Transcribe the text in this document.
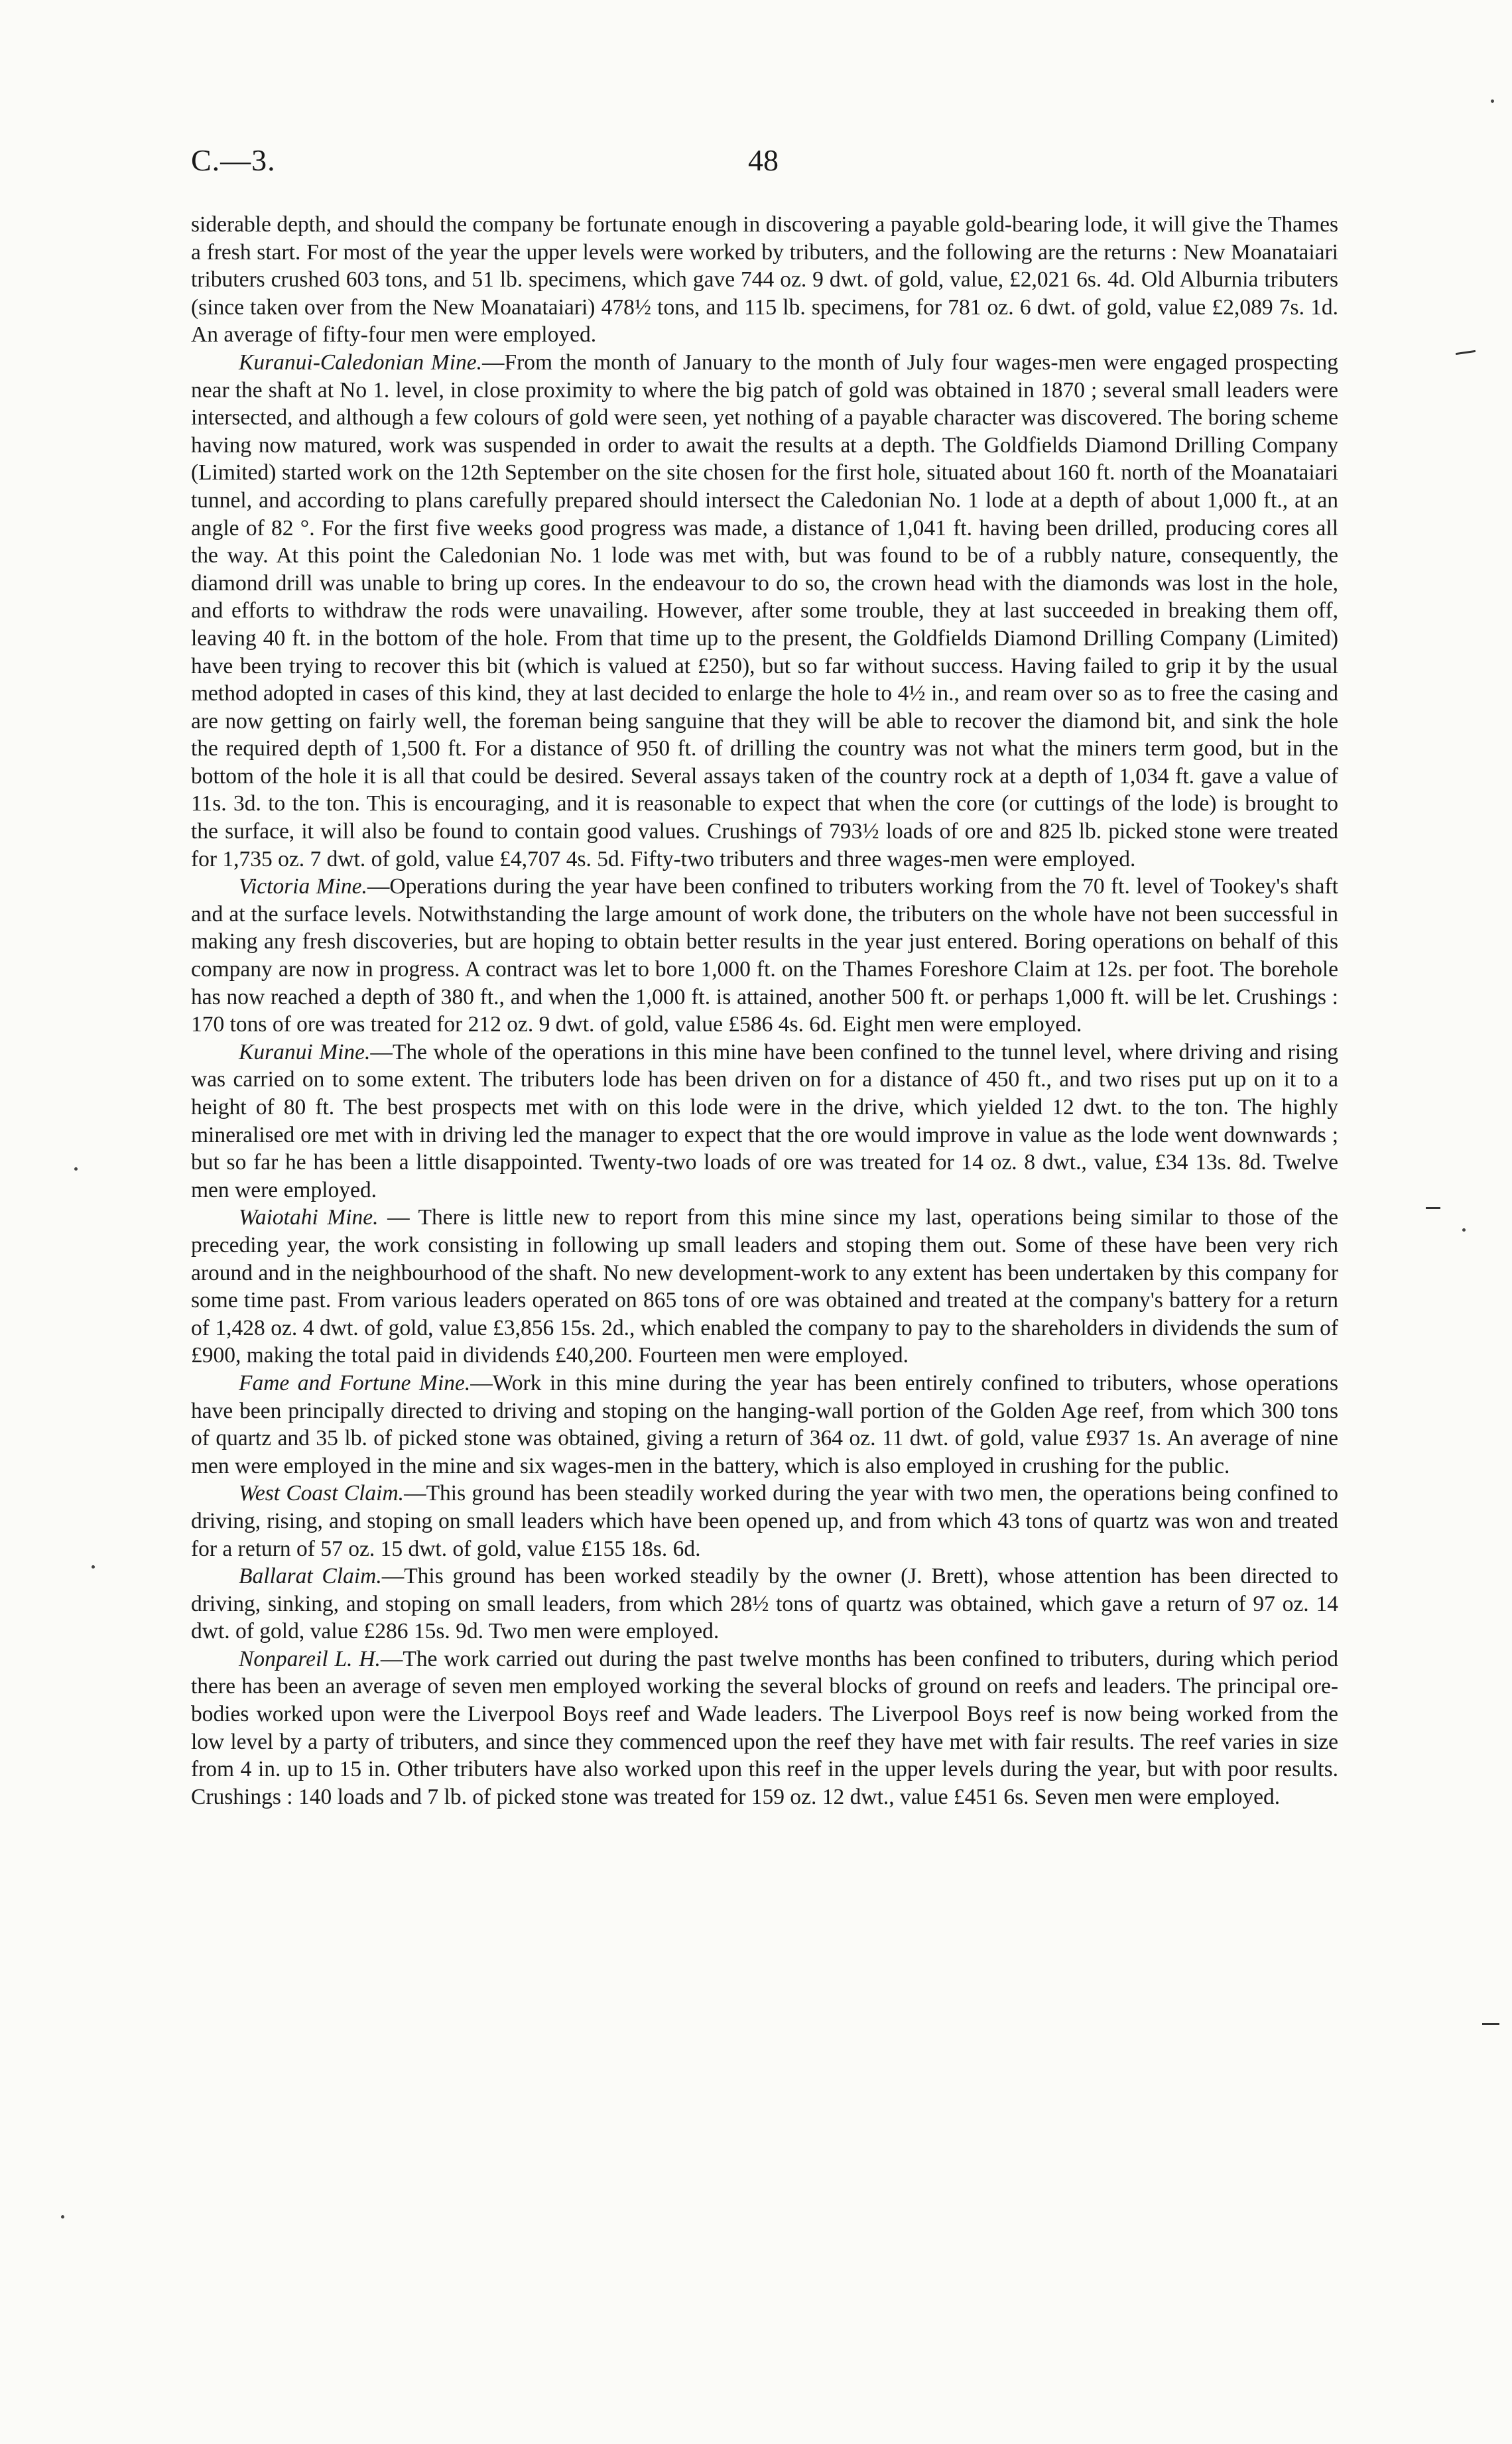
C.—3.	48

siderable depth, and should the company be fortunate enough in discovering a payable gold-bearing lode, it will give the Thames a fresh start. For most of the year the upper levels were worked by tributers, and the following are the returns : New Moanataiari tributers crushed 603 tons, and 51 lb. specimens, which gave 744 oz. 9 dwt. of gold, value, £2,021 6s. 4d. Old Alburnia tributers (since taken over from the New Moanataiari) 478½ tons, and 115 lb. specimens, for 781 oz. 6 dwt. of gold, value £2,089 7s. 1d. An average of fifty-four men were employed.

Kuranui-Caledonian Mine.—From the month of January to the month of July four wages-men were engaged prospecting near the shaft at No 1. level, in close proximity to where the big patch of gold was obtained in 1870 ; several small leaders were intersected, and although a few colours of gold were seen, yet nothing of a payable character was discovered. The boring scheme having now matured, work was suspended in order to await the results at a depth. The Goldfields Diamond Drilling Company (Limited) started work on the 12th September on the site chosen for the first hole, situated about 160 ft. north of the Moanataiari tunnel, and according to plans carefully prepared should intersect the Caledonian No. 1 lode at a depth of about 1,000 ft., at an angle of 82 °. For the first five weeks good progress was made, a distance of 1,041 ft. having been drilled, producing cores all the way. At this point the Caledonian No. 1 lode was met with, but was found to be of a rubbly nature, consequently, the diamond drill was unable to bring up cores. In the endeavour to do so, the crown head with the diamonds was lost in the hole, and efforts to withdraw the rods were unavailing. However, after some trouble, they at last succeeded in breaking them off, leaving 40 ft. in the bottom of the hole. From that time up to the present, the Goldfields Diamond Drilling Company (Limited) have been trying to recover this bit (which is valued at £250), but so far without success. Having failed to grip it by the usual method adopted in cases of this kind, they at last decided to enlarge the hole to 4½ in., and ream over so as to free the casing and are now getting on fairly well, the foreman being sanguine that they will be able to recover the diamond bit, and sink the hole the required depth of 1,500 ft. For a distance of 950 ft. of drilling the country was not what the miners term good, but in the bottom of the hole it is all that could be desired. Several assays taken of the country rock at a depth of 1,034 ft. gave a value of 11s. 3d. to the ton. This is encouraging, and it is reasonable to expect that when the core (or cuttings of the lode) is brought to the surface, it will also be found to contain good values. Crushings of 793½ loads of ore and 825 lb. picked stone were treated for 1,735 oz. 7 dwt. of gold, value £4,707 4s. 5d. Fifty-two tributers and three wages-men were employed.

Victoria Mine.—Operations during the year have been confined to tributers working from the 70 ft. level of Tookey's shaft and at the surface levels. Notwithstanding the large amount of work done, the tributers on the whole have not been successful in making any fresh discoveries, but are hoping to obtain better results in the year just entered. Boring operations on behalf of this company are now in progress. A contract was let to bore 1,000 ft. on the Thames Foreshore Claim at 12s. per foot. The borehole has now reached a depth of 380 ft., and when the 1,000 ft. is attained, another 500 ft. or perhaps 1,000 ft. will be let. Crushings : 170 tons of ore was treated for 212 oz. 9 dwt. of gold, value £586 4s. 6d. Eight men were employed.

Kuranui Mine.—The whole of the operations in this mine have been confined to the tunnel level, where driving and rising was carried on to some extent. The tributers lode has been driven on for a distance of 450 ft., and two rises put up on it to a height of 80 ft. The best prospects met with on this lode were in the drive, which yielded 12 dwt. to the ton. The highly mineralised ore met with in driving led the manager to expect that the ore would improve in value as the lode went downwards ; but so far he has been a little disappointed. Twenty-two loads of ore was treated for 14 oz. 8 dwt., value, £34 13s. 8d. Twelve men were employed.

Waiotahi Mine. — There is little new to report from this mine since my last, operations being similar to those of the preceding year, the work consisting in following up small leaders and stoping them out. Some of these have been very rich around and in the neighbourhood of the shaft. No new development-work to any extent has been undertaken by this company for some time past. From various leaders operated on 865 tons of ore was obtained and treated at the company's battery for a return of 1,428 oz. 4 dwt. of gold, value £3,856 15s. 2d., which enabled the company to pay to the shareholders in dividends the sum of £900, making the total paid in dividends £40,200. Fourteen men were employed.

Fame and Fortune Mine.—Work in this mine during the year has been entirely confined to tributers, whose operations have been principally directed to driving and stoping on the hanging-wall portion of the Golden Age reef, from which 300 tons of quartz and 35 lb. of picked stone was obtained, giving a return of 364 oz. 11 dwt. of gold, value £937 1s. An average of nine men were employed in the mine and six wages-men in the battery, which is also employed in crushing for the public.

West Coast Claim.—This ground has been steadily worked during the year with two men, the operations being confined to driving, rising, and stoping on small leaders which have been opened up, and from which 43 tons of quartz was won and treated for a return of 57 oz. 15 dwt. of gold, value £155 18s. 6d.

Ballarat Claim.—This ground has been worked steadily by the owner (J. Brett), whose attention has been directed to driving, sinking, and stoping on small leaders, from which 28½ tons of quartz was obtained, which gave a return of 97 oz. 14 dwt. of gold, value £286 15s. 9d. Two men were employed.

Nonpareil L. H.—The work carried out during the past twelve months has been confined to tributers, during which period there has been an average of seven men employed working the several blocks of ground on reefs and leaders. The principal ore-bodies worked upon were the Liverpool Boys reef and Wade leaders. The Liverpool Boys reef is now being worked from the low level by a party of tributers, and since they commenced upon the reef they have met with fair results. The reef varies in size from 4 in. up to 15 in. Other tributers have also worked upon this reef in the upper levels during the year, but with poor results. Crushings : 140 loads and 7 lb. of picked stone was treated for 159 oz. 12 dwt., value £451 6s. Seven men were employed.
